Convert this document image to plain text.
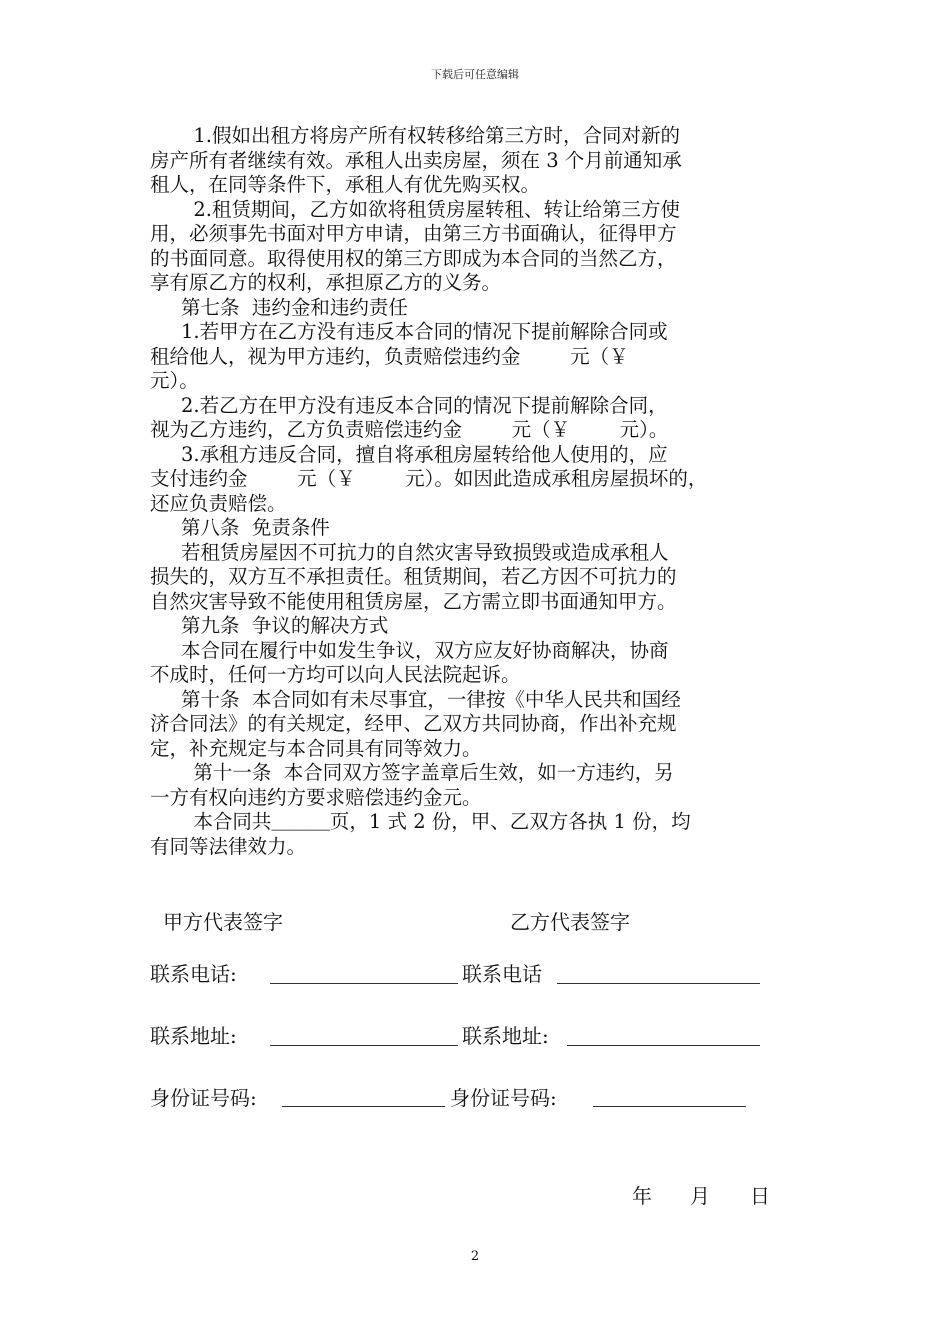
下载后可任意编辑
1.假如出租方将房产所有权转移给第三方时，合同对新的
房产所有者继续有效。承租人出卖房屋，须在 3 个月前通知承
租人，在同等条件下，承租人有优先购买权。
2.租赁期间，乙方如欲将租赁房屋转租、转让给第三方使
用，必须事先书面对甲方申请，由第三方书面确认，征得甲方
的书面同意。取得使用权的第三方即成为本合同的当然乙方，
享有原乙方的权利，承担原乙方的义务。
第七条  违约金和违约责任
1.若甲方在乙方没有违反本合同的情况下提前解除合同或
租给他人，视为甲方违约，负责赔偿违约金        元（￥
元）。
2.若乙方在甲方没有违反本合同的情况下提前解除合同，
视为乙方违约，乙方负责赔偿违约金        元（￥        元）。
3.承租方违反合同，擅自将承租房屋转给他人使用的，应
支付违约金        元（￥        元）。如因此造成承租房屋损坏的，
还应负责赔偿。
第八条  免责条件
若租赁房屋因不可抗力的自然灾害导致损毁或造成承租人
损失的，双方互不承担责任。租赁期间，若乙方因不可抗力的
自然灾害导致不能使用租赁房屋，乙方需立即书面通知甲方。
第九条  争议的解决方式
本合同在履行中如发生争议，双方应友好协商解决，协商
不成时，任何一方均可以向人民法院起诉。
第十条  本合同如有未尽事宜，一律按《中华人民共和国经
济合同法》的有关规定，经甲、乙双方共同协商，作出补充规
定，补充规定与本合同具有同等效力。
第十一条  本合同双方签字盖章后生效，如一方违约，另
一方有权向违约方要求赔偿违约金元。
本合同共＿＿＿页，1 式 2 份，甲、乙双方各执 1 份，均
有同等法律效力。
甲方代表签字	乙方代表签字
联系电话:	联系电话
联系地址:	联系地址:
身份证号码:	身份证号码:
年 月 日
2
